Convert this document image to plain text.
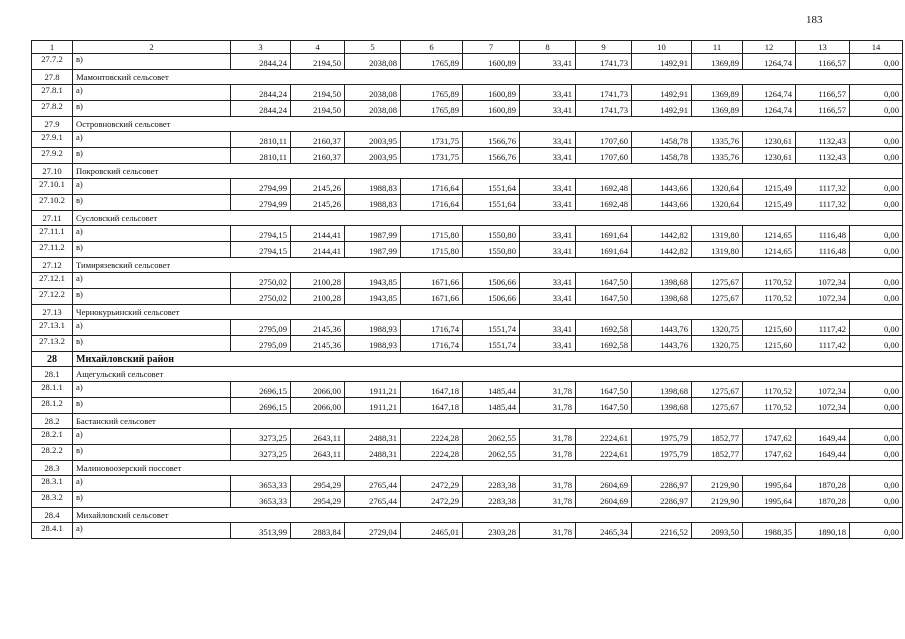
183
1	2	3	4	5	6	7	8	9	10	11	12	13	14
27.7.2	в)	2844,24	2194,50	2038,08	1765,89	1600,89	33,41	1741,73	1492,91	1369,89	1264,74	1166,57	0,00
27.8	Мамонтовский сельсовет												
27.8.1	а)	2844,24	2194,50	2038,08	1765,89	1600,89	33,41	1741,73	1492,91	1369,89	1264,74	1166,57	0,00
27.8.2	в)	2844,24	2194,50	2038,08	1765,89	1600,89	33,41	1741,73	1492,91	1369,89	1264,74	1166,57	0,00
27.9	Островновский сельсовет												
27.9.1	а)	2810,11	2160,37	2003,95	1731,75	1566,76	33,41	1707,60	1458,78	1335,76	1230,61	1132,43	0,00
27.9.2	в)	2810,11	2160,37	2003,95	1731,75	1566,76	33,41	1707,60	1458,78	1335,76	1230,61	1132,43	0,00
27.10	Покровский сельсовет												
27.10.1	а)	2794,99	2145,26	1988,83	1716,64	1551,64	33,41	1692,48	1443,66	1320,64	1215,49	1117,32	0,00
27.10.2	в)	2794,99	2145,26	1988,83	1716,64	1551,64	33,41	1692,48	1443,66	1320,64	1215,49	1117,32	0,00
27.11	Сусловский сельсовет												
27.11.1	а)	2794,15	2144,41	1987,99	1715,80	1550,80	33,41	1691,64	1442,82	1319,80	1214,65	1116,48	0,00
27.11.2	в)	2794,15	2144,41	1987,99	1715,80	1550,80	33,41	1691,64	1442,82	1319,80	1214,65	1116,48	0,00
27.12	Тимирязевский сельсовет												
27.12.1	а)	2750,02	2100,28	1943,85	1671,66	1506,66	33,41	1647,50	1398,68	1275,67	1170,52	1072,34	0,00
27.12.2	в)	2750,02	2100,28	1943,85	1671,66	1506,66	33,41	1647,50	1398,68	1275,67	1170,52	1072,34	0,00
27.13	Чернокурьинский сельсовет												
27.13.1	а)	2795,09	2145,36	1988,93	1716,74	1551,74	33,41	1692,58	1443,76	1320,75	1215,60	1117,42	0,00
27.13.2	в)	2795,09	2145,36	1988,93	1716,74	1551,74	33,41	1692,58	1443,76	1320,75	1215,60	1117,42	0,00
28	Михайловский район												
28.1	Ащегульский сельсовет												
28.1.1	а)	2696,15	2066,00	1911,21	1647,18	1485,44	31,78	1647,50	1398,68	1275,67	1170,52	1072,34	0,00
28.1.2	в)	2696,15	2066,00	1911,21	1647,18	1485,44	31,78	1647,50	1398,68	1275,67	1170,52	1072,34	0,00
28.2	Бастанский сельсовет												
28.2.1	а)	3273,25	2643,11	2488,31	2224,28	2062,55	31,78	2224,61	1975,79	1852,77	1747,62	1649,44	0,00
28.2.2	в)	3273,25	2643,11	2488,31	2224,28	2062,55	31,78	2224,61	1975,79	1852,77	1747,62	1649,44	0,00
28.3	Малиновоозерский поссовет												
28.3.1	а)	3653,33	2954,29	2765,44	2472,29	2283,38	31,78	2604,69	2286,97	2129,90	1995,64	1870,28	0,00
28.3.2	в)	3653,33	2954,29	2765,44	2472,29	2283,38	31,78	2604,69	2286,97	2129,90	1995,64	1870,28	0,00
28.4	Михайловский сельсовет												
28.4.1	а)	3513,99	2883,84	2729,04	2465,01	2303,28	31,78	2465,34	2216,52	2093,50	1988,35	1890,18	0,00
